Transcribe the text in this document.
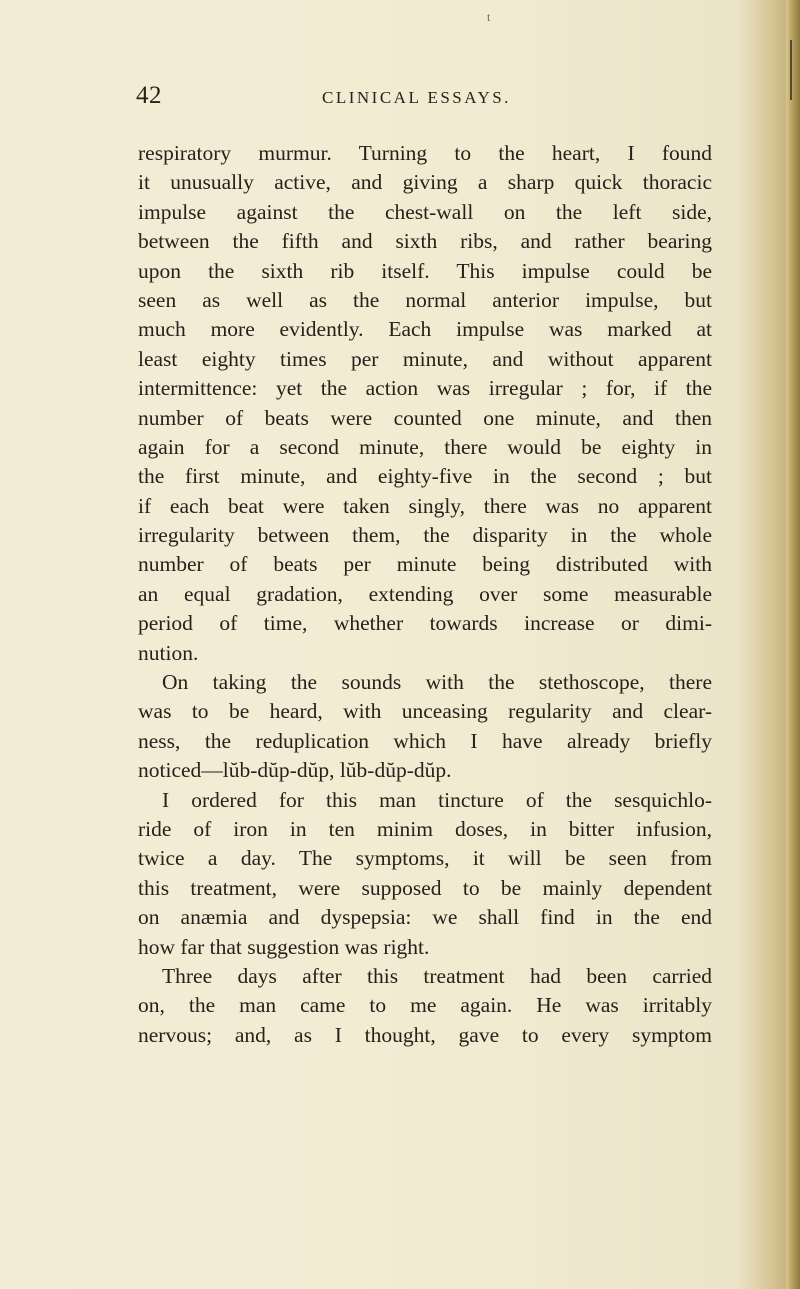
t
42	CLINICAL ESSAYS.
respiratory murmur. Turning to the heart, I found
it unusually active, and giving a sharp quick thoracic
impulse against the chest-wall on the left side,
between the fifth and sixth ribs, and rather bearing
upon the sixth rib itself. This impulse could be
seen as well as the normal anterior impulse, but
much more evidently. Each impulse was marked at
least eighty times per minute, and without apparent
intermittence: yet the action was irregular ; for, if the
number of beats were counted one minute, and then
again for a second minute, there would be eighty in
the first minute, and eighty-five in the second ; but
if each beat were taken singly, there was no apparent
irregularity between them, the disparity in the whole
number of beats per minute being distributed with
an equal gradation, extending over some measurable
period of time, whether towards increase or dimi-
nution.
On taking the sounds with the stethoscope, there
was to be heard, with unceasing regularity and clear-
ness, the reduplication which I have already briefly
noticed—lŭb-dŭp-dŭp, lŭb-dŭp-dŭp.
I ordered for this man tincture of the sesquichlo-
ride of iron in ten minim doses, in bitter infusion,
twice a day. The symptoms, it will be seen from
this treatment, were supposed to be mainly dependent
on anæmia and dyspepsia: we shall find in the end
how far that suggestion was right.
Three days after this treatment had been carried
on, the man came to me again. He was irritably
nervous; and, as I thought, gave to every symptom
